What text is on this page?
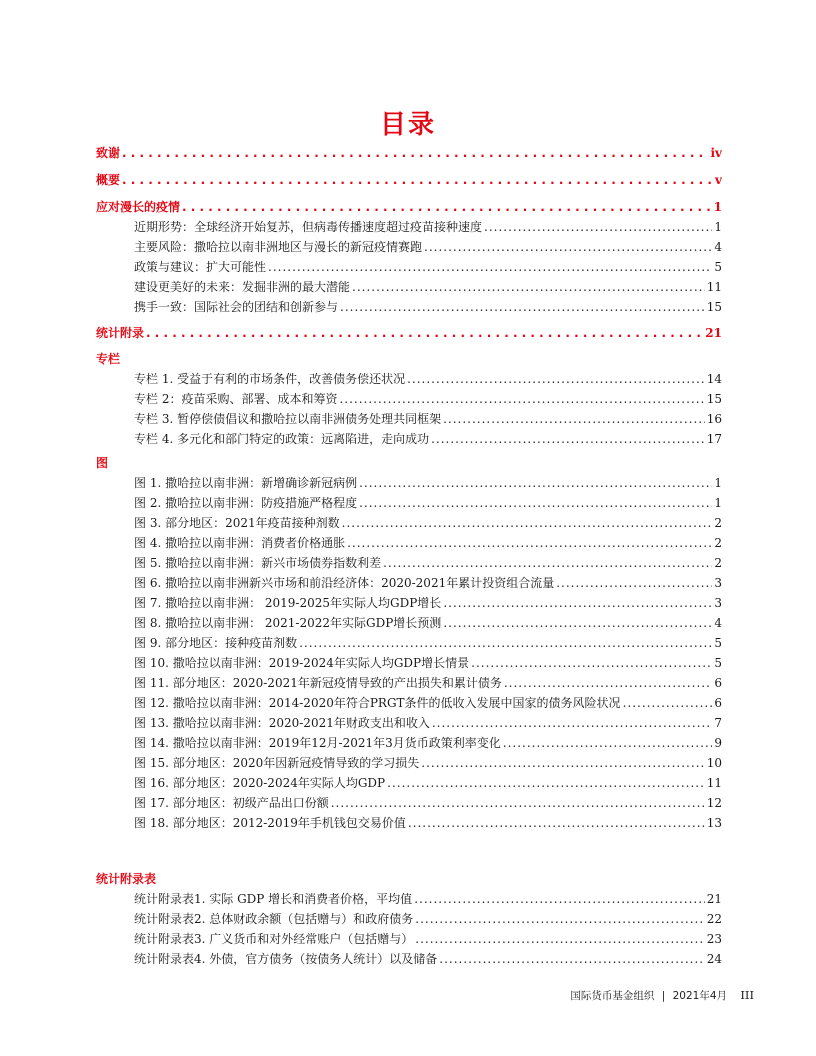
目录
致谢 . . .	iv
概要 . . .	v
应对漫长的疫情 . . .	1
近期形势：全球经济开始复苏，但病毒传播速度超过疫苗接种速度 .....	1
主要风险：撒哈拉以南非洲地区与漫长的新冠疫情赛跑 .....	4
政策与建议：扩大可能性 .....	5
建设更美好的未来：发掘非洲的最大潜能 .....	11
携手一致：国际社会的团结和创新参与 .....	15
统计附录 . . .	21
专栏
专栏 1. 受益于有利的市场条件，改善债务偿还状况 .....	14
专栏 2：疫苗采购、部署、成本和筹资 .....	15
专栏 3. 暂停偿债倡议和撒哈拉以南非洲债务处理共同框架 .....	16
专栏 4. 多元化和部门特定的政策：远离陷进，走向成功 .....	17
图
图 1. 撒哈拉以南非洲：新增确诊新冠病例 .....	1
图 2. 撒哈拉以南非洲：防疫措施严格程度 .....	1
图 3. 部分地区：2021年疫苗接种剂数 .....	2
图 4. 撒哈拉以南非洲：消费者价格通胀 .....	2
图 5. 撒哈拉以南非洲：新兴市场债券指数利差 .....	2
图 6. 撒哈拉以南非洲新兴市场和前沿经济体：2020-2021年累计投资组合流量 .....	3
图 7. 撒哈拉以南非洲： 2019-2025年实际人均GDP增长 .....	3
图 8. 撒哈拉以南非洲： 2021-2022年实际GDP增长预测 .....	4
图 9. 部分地区：接种疫苗剂数 .....	5
图 10. 撒哈拉以南非洲：2019-2024年实际人均GDP增长情景 .....	5
图 11. 部分地区：2020-2021年新冠疫情导致的产出损失和累计债务 .....	6
图 12. 撒哈拉以南非洲：2014-2020年符合PRGT条件的低收入发展中国家的债务风险状况 .....	6
图 13. 撒哈拉以南非洲：2020-2021年财政支出和收入 .....	7
图 14. 撒哈拉以南非洲：2019年12月-2021年3月货币政策利率变化 .....	9
图 15. 部分地区：2020年因新冠疫情导致的学习损失 .....	10
图 16. 部分地区：2020-2024年实际人均GDP .....	11
图 17. 部分地区：初级产品出口份额 .....	12
图 18. 部分地区：2012-2019年手机钱包交易价值 .....	13
统计附录表
统计附录表1. 实际 GDP 增长和消费者价格，平均值 .....	21
统计附录表2. 总体财政余额（包括赠与）和政府债务 .....	22
统计附录表3. 广义货币和对外经常账户（包括赠与） .....	23
统计附录表4. 外债，官方债务（按债务人统计）以及储备 .....	24
国际货币基金组织 | 2021年4月 III
